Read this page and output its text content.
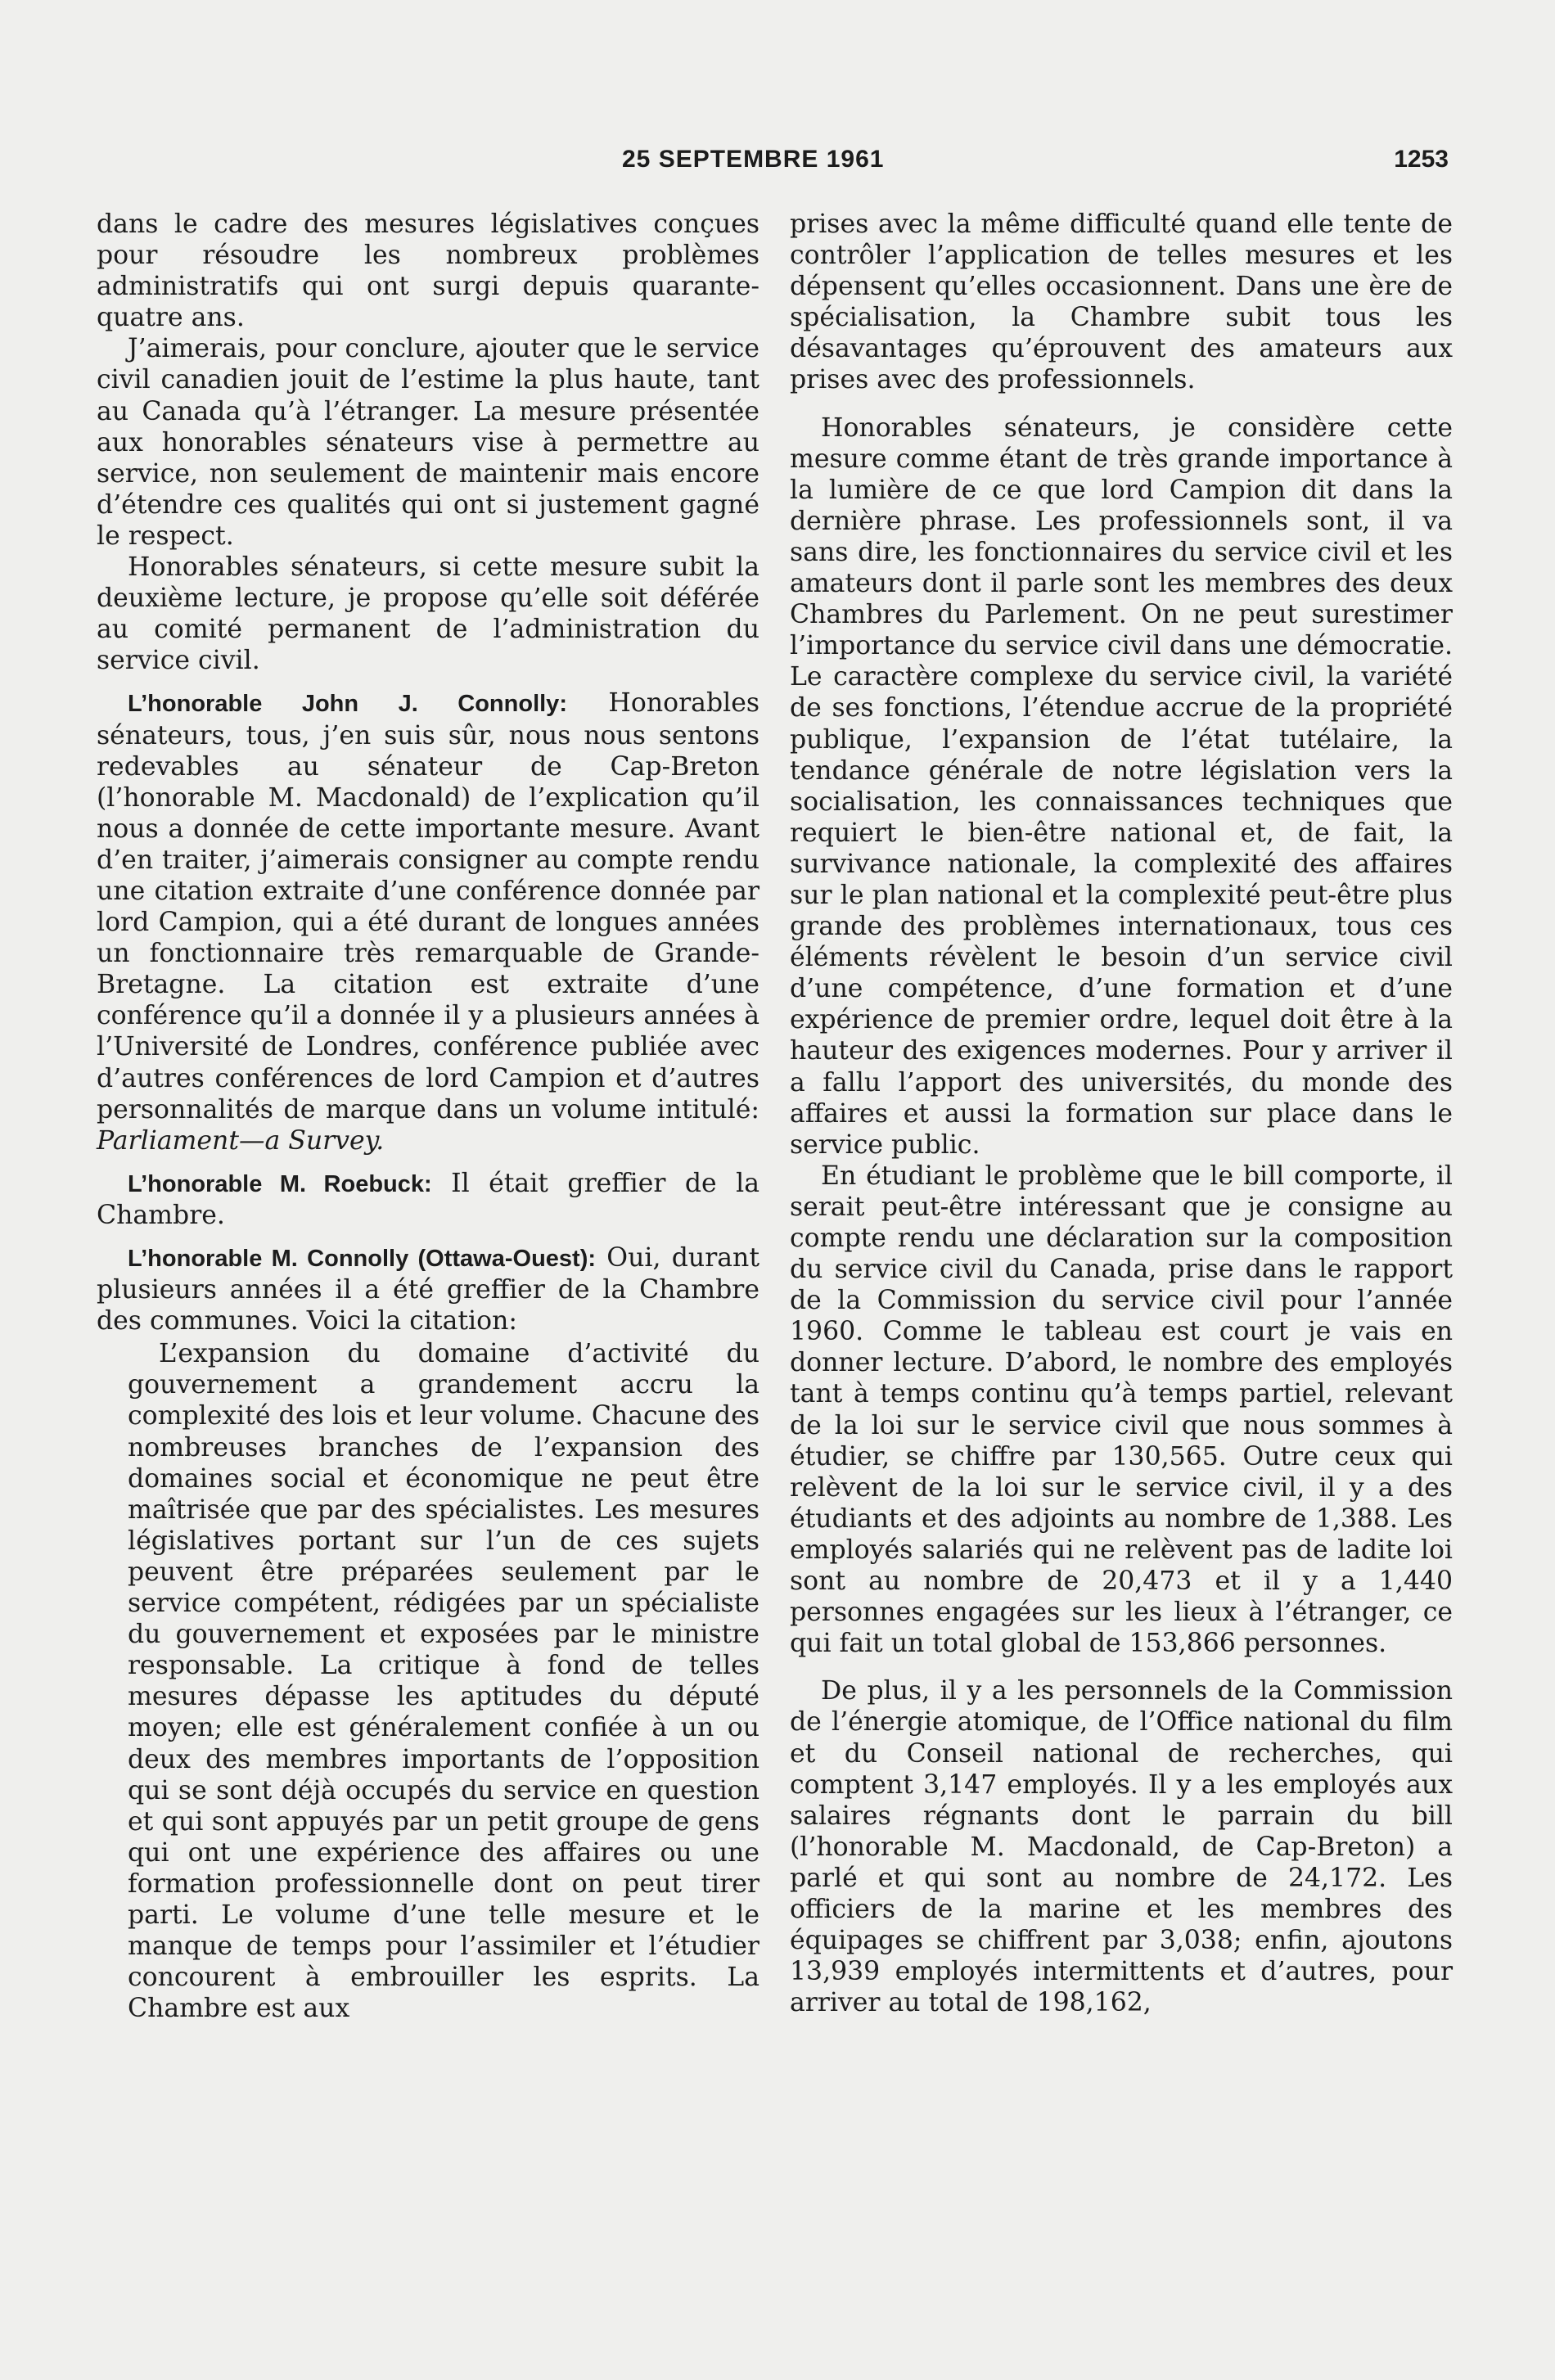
25 SEPTEMBRE 1961	1253

dans le cadre des mesures législatives conçues pour résoudre les nombreux problèmes administratifs qui ont surgi depuis quarante-quatre ans.

J’aimerais, pour conclure, ajouter que le service civil canadien jouit de l’estime la plus haute, tant au Canada qu’à l’étranger. La mesure présentée aux honorables sénateurs vise à permettre au service, non seulement de maintenir mais encore d’étendre ces qualités qui ont si justement gagné le respect.

Honorables sénateurs, si cette mesure subit la deuxième lecture, je propose qu’elle soit déférée au comité permanent de l’administration du service civil.

L’honorable John J. Connolly: Honorables sénateurs, tous, j’en suis sûr, nous nous sentons redevables au sénateur de Cap-Breton (l’honorable M. Macdonald) de l’explication qu’il nous a donnée de cette importante mesure. Avant d’en traiter, j’aimerais consigner au compte rendu une citation extraite d’une conférence donnée par lord Campion, qui a été durant de longues années un fonctionnaire très remarquable de Grande-Bretagne. La citation est extraite d’une conférence qu’il a donnée il y a plusieurs années à l’Université de Londres, conférence publiée avec d’autres conférences de lord Campion et d’autres personnalités de marque dans un volume intitulé: Parliament—a Survey.

L’honorable M. Roebuck: Il était greffier de la Chambre.

L’honorable M. Connolly (Ottawa-Ouest): Oui, durant plusieurs années il a été greffier de la Chambre des communes. Voici la citation:

L’expansion du domaine d’activité du gouvernement a grandement accru la complexité des lois et leur volume. Chacune des nombreuses branches de l’expansion des domaines social et économique ne peut être maîtrisée que par des spécialistes. Les mesures législatives portant sur l’un de ces sujets peuvent être préparées seulement par le service compétent, rédigées par un spécialiste du gouvernement et exposées par le ministre responsable. La critique à fond de telles mesures dépasse les aptitudes du député moyen; elle est généralement confiée à un ou deux des membres importants de l’opposition qui se sont déjà occupés du service en question et qui sont appuyés par un petit groupe de gens qui ont une expérience des affaires ou une formation professionnelle dont on peut tirer parti. Le volume d’une telle mesure et le manque de temps pour l’assimiler et l’étudier concourent à embrouiller les esprits. La Chambre est aux

prises avec la même difficulté quand elle tente de contrôler l’application de telles mesures et les dépensent qu’elles occasionnent. Dans une ère de spécialisation, la Chambre subit tous les désavantages qu’éprouvent des amateurs aux prises avec des professionnels.

Honorables sénateurs, je considère cette mesure comme étant de très grande importance à la lumière de ce que lord Campion dit dans la dernière phrase. Les professionnels sont, il va sans dire, les fonctionnaires du service civil et les amateurs dont il parle sont les membres des deux Chambres du Parlement. On ne peut surestimer l’importance du service civil dans une démocratie. Le caractère complexe du service civil, la variété de ses fonctions, l’étendue accrue de la propriété publique, l’expansion de l’état tutélaire, la tendance générale de notre législation vers la socialisation, les connaissances techniques que requiert le bien-être national et, de fait, la survivance nationale, la complexité des affaires sur le plan national et la complexité peut-être plus grande des problèmes internationaux, tous ces éléments révèlent le besoin d’un service civil d’une compétence, d’une formation et d’une expérience de premier ordre, lequel doit être à la hauteur des exigences modernes. Pour y arriver il a fallu l’apport des universités, du monde des affaires et aussi la formation sur place dans le service public.

En étudiant le problème que le bill comporte, il serait peut-être intéressant que je consigne au compte rendu une déclaration sur la composition du service civil du Canada, prise dans le rapport de la Commission du service civil pour l’année 1960. Comme le tableau est court je vais en donner lecture. D’abord, le nombre des employés tant à temps continu qu’à temps partiel, relevant de la loi sur le service civil que nous sommes à étudier, se chiffre par 130,565. Outre ceux qui relèvent de la loi sur le service civil, il y a des étudiants et des adjoints au nombre de 1,388. Les employés salariés qui ne relèvent pas de ladite loi sont au nombre de 20,473 et il y a 1,440 personnes engagées sur les lieux à l’étranger, ce qui fait un total global de 153,866 personnes.

De plus, il y a les personnels de la Commission de l’énergie atomique, de l’Office national du film et du Conseil national de recherches, qui comptent 3,147 employés. Il y a les employés aux salaires régnants dont le parrain du bill (l’honorable M. Macdonald, de Cap-Breton) a parlé et qui sont au nombre de 24,172. Les officiers de la marine et les membres des équipages se chiffrent par 3,038; enfin, ajoutons 13,939 employés intermittents et d’autres, pour arriver au total de 198,162,
